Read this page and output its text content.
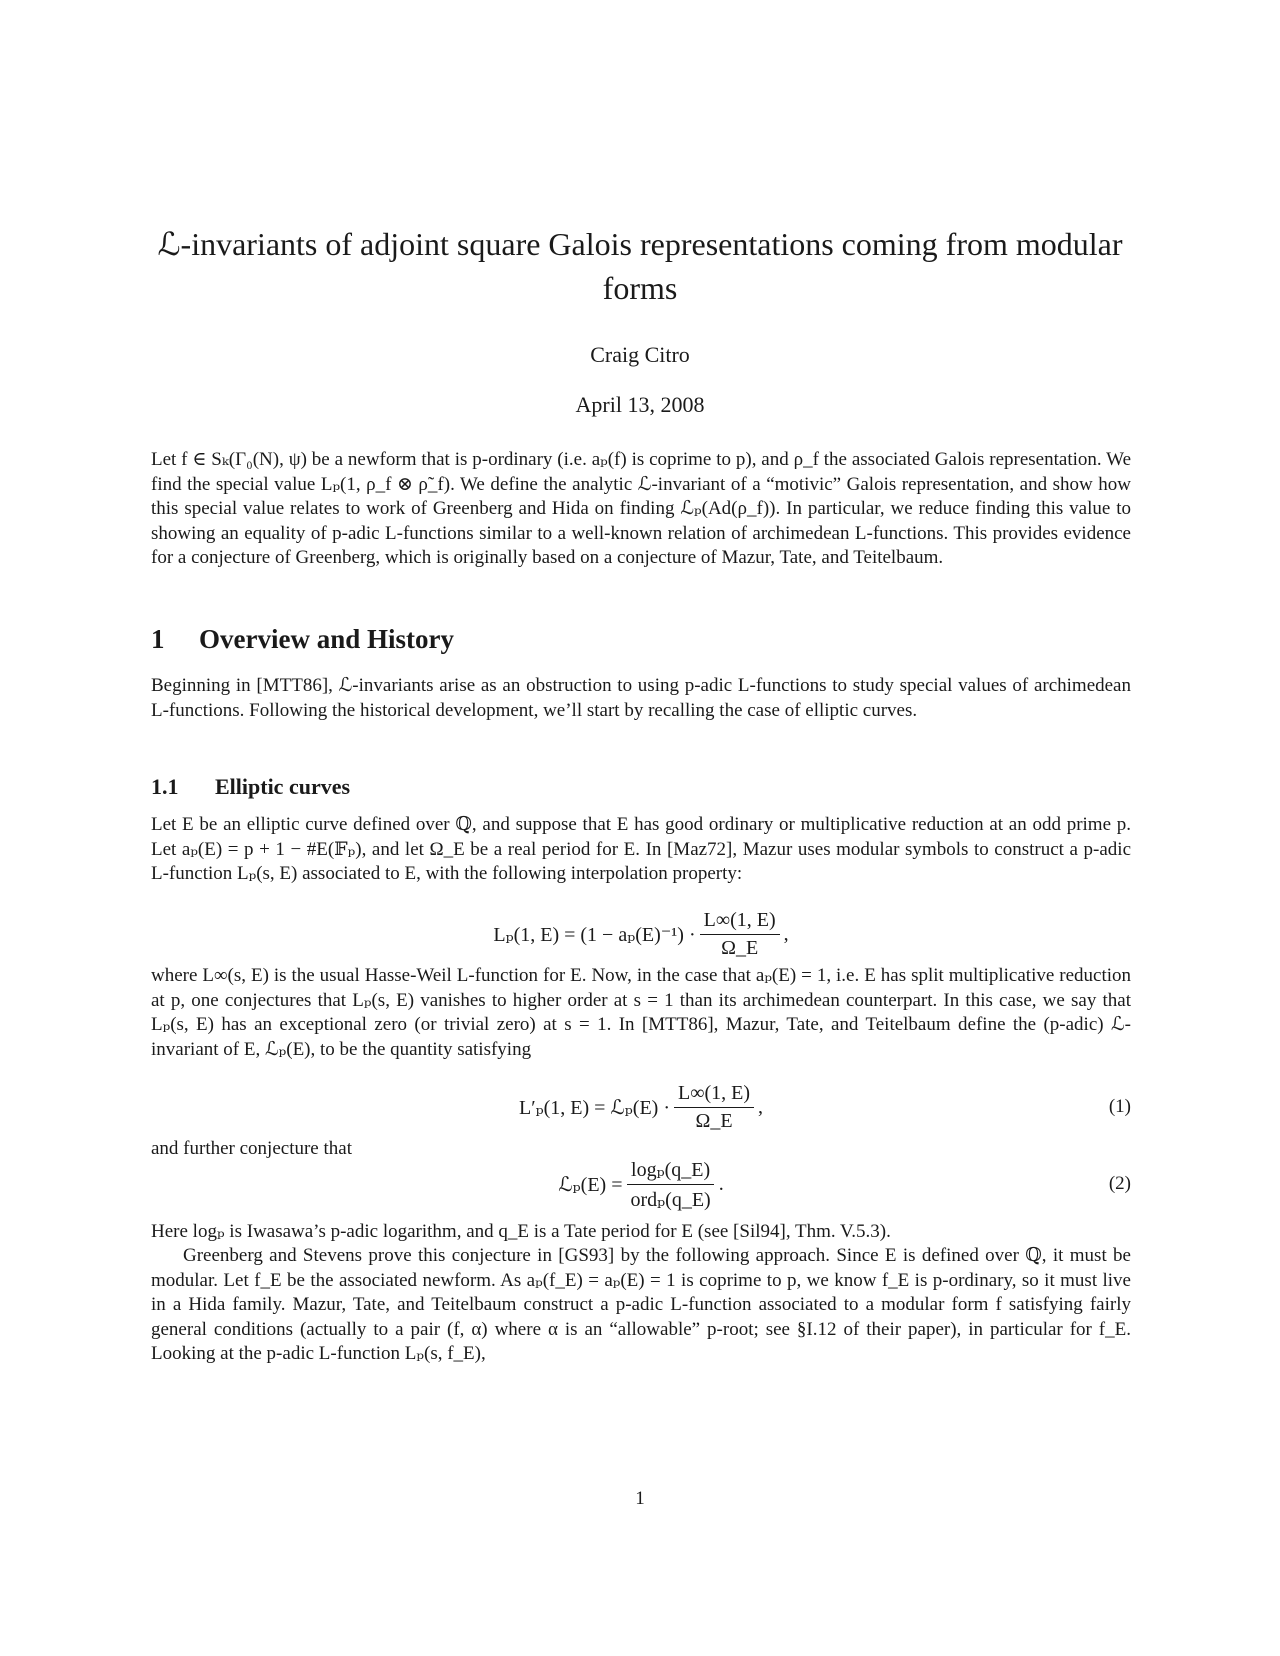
ℒ-invariants of adjoint square Galois representations coming from modular forms
Craig Citro
April 13, 2008
Let f ∈ Sₖ(Γ₀(N), ψ) be a newform that is p-ordinary (i.e. aₚ(f) is coprime to p), and ρ_f the associated Galois representation. We find the special value Lₚ(1, ρ_f ⊗ ρ̃_f). We define the analytic ℒ-invariant of a “motivic” Galois representation, and show how this special value relates to work of Greenberg and Hida on finding ℒₚ(Ad(ρ_f)). In particular, we reduce finding this value to showing an equality of p-adic L-functions similar to a well-known relation of archimedean L-functions. This provides evidence for a conjecture of Greenberg, which is originally based on a conjecture of Mazur, Tate, and Teitelbaum.
1 Overview and History
Beginning in [MTT86], ℒ-invariants arise as an obstruction to using p-adic L-functions to study special values of archimedean L-functions. Following the historical development, we’ll start by recalling the case of elliptic curves.
1.1 Elliptic curves
Let E be an elliptic curve defined over ℚ, and suppose that E has good ordinary or multiplicative reduction at an odd prime p. Let aₚ(E) = p + 1 − #E(𝔽ₚ), and let Ω_E be a real period for E. In [Maz72], Mazur uses modular symbols to construct a p-adic L-function Lₚ(s, E) associated to E, with the following interpolation property:
Lₚ(1, $E) = (1 - a_p(E)^{-1}) \cdot \frac{L\infty(1, E)}{\Omega\_E}$ ,
where L∞(s, E) is the usual Hasse-Weil L-function for E. Now, in the case that aₚ(E) = 1, i.e. E has split multiplicative reduction at p, one conjectures that Lₚ(s, E) vanishes to higher order at s = 1 than its archimedean counterpart. In this case, we say that Lₚ(s, E) has an exceptional zero (or trivial zero) at s = 1. In [MTT86], Mazur, Tate, and Teitelbaum define the (p-adic) ℒ-invariant of E, ℒₚ(E), to be the quantity satisfying
L′ₚ(1, E) = ℒₚ(E) · $\frac{L\infty(1, E)}{\Omega\_E}$ ,	(1)
and further conjecture that
ℒₚ(E) = $\frac{\text{logₚ(q\_E)}}{\text{ordₚ(q\_E)}}$ .	(2)
Here logₚ is Iwasawa’s p-adic logarithm, and q_E is a Tate period for E (see [Sil94], Thm. V.5.3).
Greenberg and Stevens prove this conjecture in [GS93] by the following approach. Since E is defined over ℚ, it must be modular. Let f_E be the associated newform. As aₚ(f_E) = aₚ(E) = 1 is coprime to p, we know f_E is p-ordinary, so it must live in a Hida family. Mazur, Tate, and Teitelbaum construct a p-adic L-function associated to a modular form f satisfying fairly general conditions (actually to a pair (f, α) where α is an “allowable” p-root; see §I.12 of their paper), in particular for f_E. Looking at the p-adic L-function Lₚ(s, f_E),
1
